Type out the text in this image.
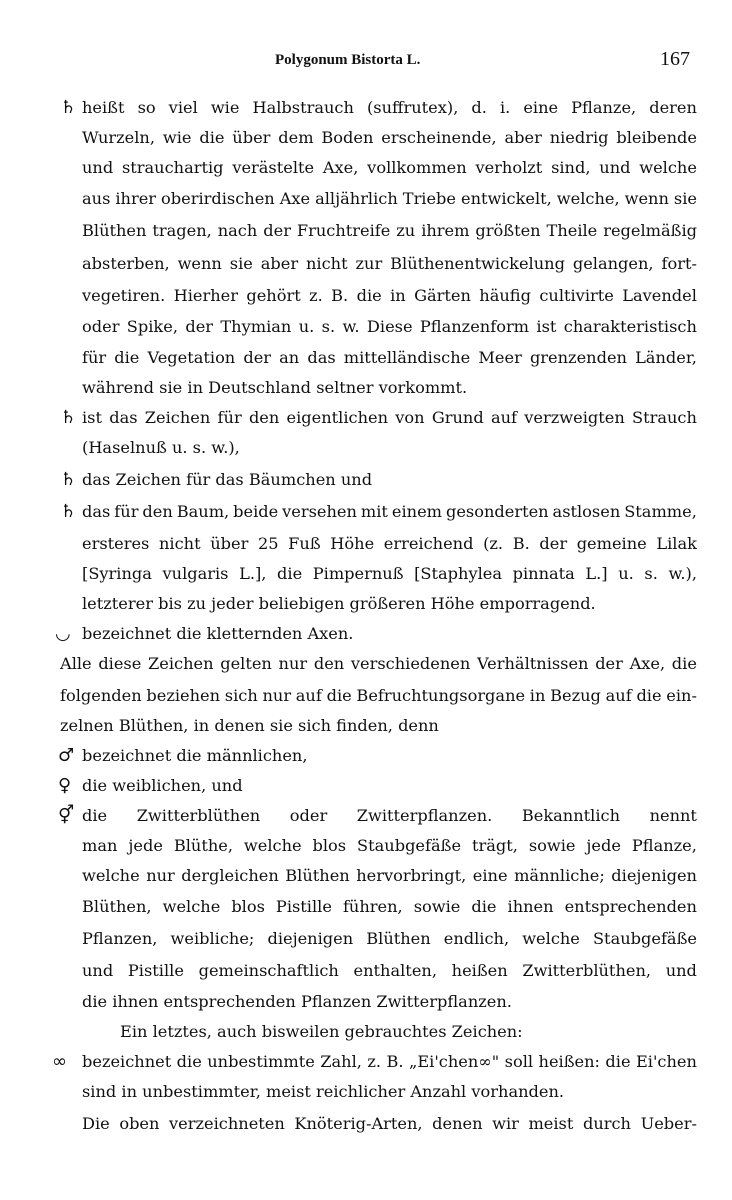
Polygonum Bistorta L.	167
♄ heißt so viel wie Halbstrauch (suffrutex), d. i. eine Pflanze, deren
Wurzeln, wie die über dem Boden erscheinende, aber niedrig bleibende
und strauchartig verästelte Axe, vollkommen verholzt sind, und welche
aus ihrer oberirdischen Axe alljährlich Triebe entwickelt, welche, wenn sie
Blüthen tragen, nach der Fruchtreife zu ihrem größten Theile regelmäßig
absterben, wenn sie aber nicht zur Blüthenentwickelung gelangen, fort-
vegetiren. Hierher gehört z. B. die in Gärten häufig cultivirte Lavendel
oder Spike, der Thymian u. s. w. Diese Pflanzenform ist charakteristisch
für die Vegetation der an das mittelländische Meer grenzenden Länder,
während sie in Deutschland seltner vorkommt.
♄ ist das Zeichen für den eigentlichen von Grund auf verzweigten Strauch
(Haselnuß u. s. w.),
♄ das Zeichen für das Bäumchen und
♄ das für den Baum, beide versehen mit einem gesonderten astlosen Stamme,
ersteres nicht über 25 Fuß Höhe erreichend (z. B. der gemeine Lilak
[Syringa vulgaris L.], die Pimpernuß [Staphylea pinnata L.] u. s. w.),
letzterer bis zu jeder beliebigen größeren Höhe emporragend.
◡ bezeichnet die kletternden Axen.
Alle diese Zeichen gelten nur den verschiedenen Verhältnissen der Axe, die
folgenden beziehen sich nur auf die Befruchtungsorgane in Bezug auf die ein-
zelnen Blüthen, in denen sie sich finden, denn
♂ bezeichnet die männlichen,
♀ die weiblichen, und
⚥ die Zwitterblüthen oder Zwitterpflanzen. Bekanntlich nennt
man jede Blüthe, welche blos Staubgefäße trägt, sowie jede Pflanze,
welche nur dergleichen Blüthen hervorbringt, eine männliche; diejenigen
Blüthen, welche blos Pistille führen, sowie die ihnen entsprechenden
Pflanzen, weibliche; diejenigen Blüthen endlich, welche Staubgefäße
und Pistille gemeinschaftlich enthalten, heißen Zwitterblüthen, und
die ihnen entsprechenden Pflanzen Zwitterpflanzen.
Ein letztes, auch bisweilen gebrauchtes Zeichen:
∞ bezeichnet die unbestimmte Zahl, z. B. „Ei'chen∞" soll heißen: die Ei'chen
sind in unbestimmter, meist reichlicher Anzahl vorhanden.
Die oben verzeichneten Knöterig-Arten, denen wir meist durch Ueber-
